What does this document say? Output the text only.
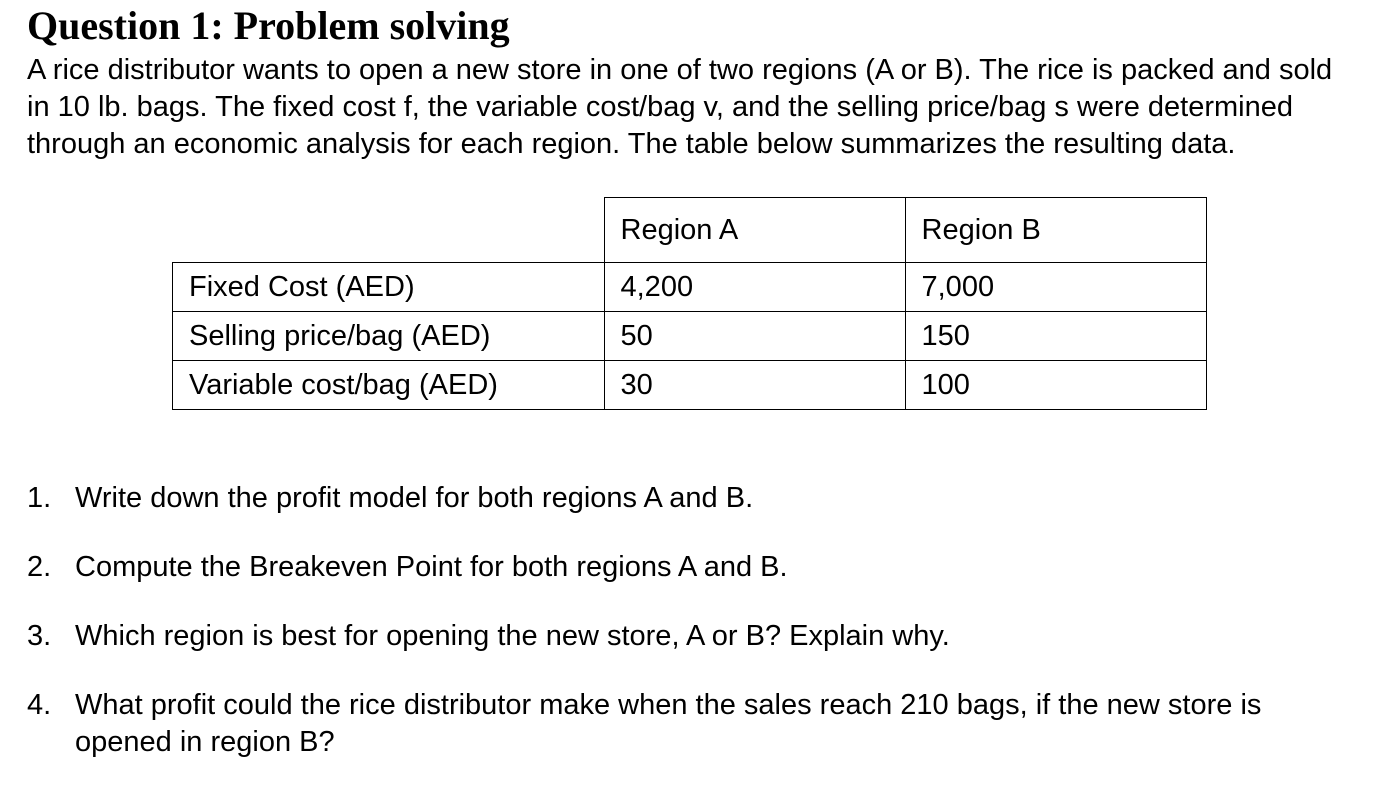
Question 1: Problem solving

A rice distributor wants to open a new store in one of two regions (A or B). The rice is packed and sold in 10 lb. bags. The fixed cost f, the variable cost/bag v, and the selling price/bag s were determined through an economic analysis for each region. The table below summarizes the resulting data.

	Region A	Region B
Fixed Cost (AED)	4,200	7,000
Selling price/bag (AED)	50	150
Variable cost/bag (AED)	30	100
1. Write down the profit model for both regions A and B.
2. Compute the Breakeven Point for both regions A and B.
3. Which region is best for opening the new store, A or B? Explain why.
4. What profit could the rice distributor make when the sales reach 210 bags, if the new store is opened in region B?
